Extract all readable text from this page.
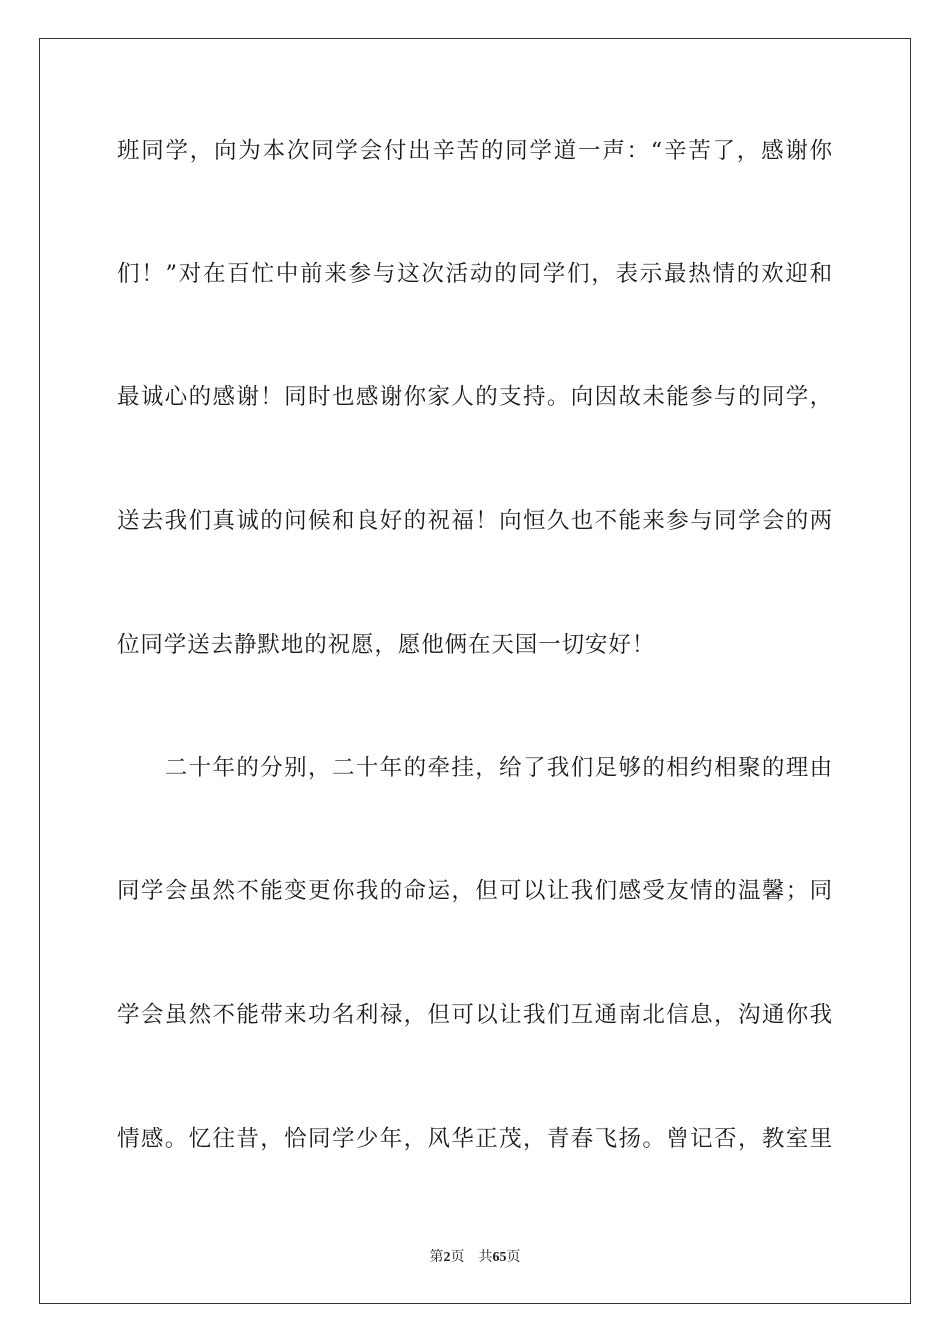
班同学，向为本次同学会付出辛苦的同学道一声：“辛苦了，感谢你
们！”对在百忙中前来参与这次活动的同学们，表示最热情的欢迎和
最诚心的感谢！同时也感谢你家人的支持。向因故未能参与的同学，
送去我们真诚的问候和良好的祝福！向恒久也不能来参与同学会的两
位同学送去静默地的祝愿，愿他俩在天国一切安好！
　　二十年的分别，二十年的牵挂，给了我们足够的相约相聚的理由
同学会虽然不能变更你我的命运，但可以让我们感受友情的温馨；同
学会虽然不能带来功名利禄，但可以让我们互通南北信息，沟通你我
情感。忆往昔，恰同学少年，风华正茂，青春飞扬。曾记否，教室里
第2页 共65页
